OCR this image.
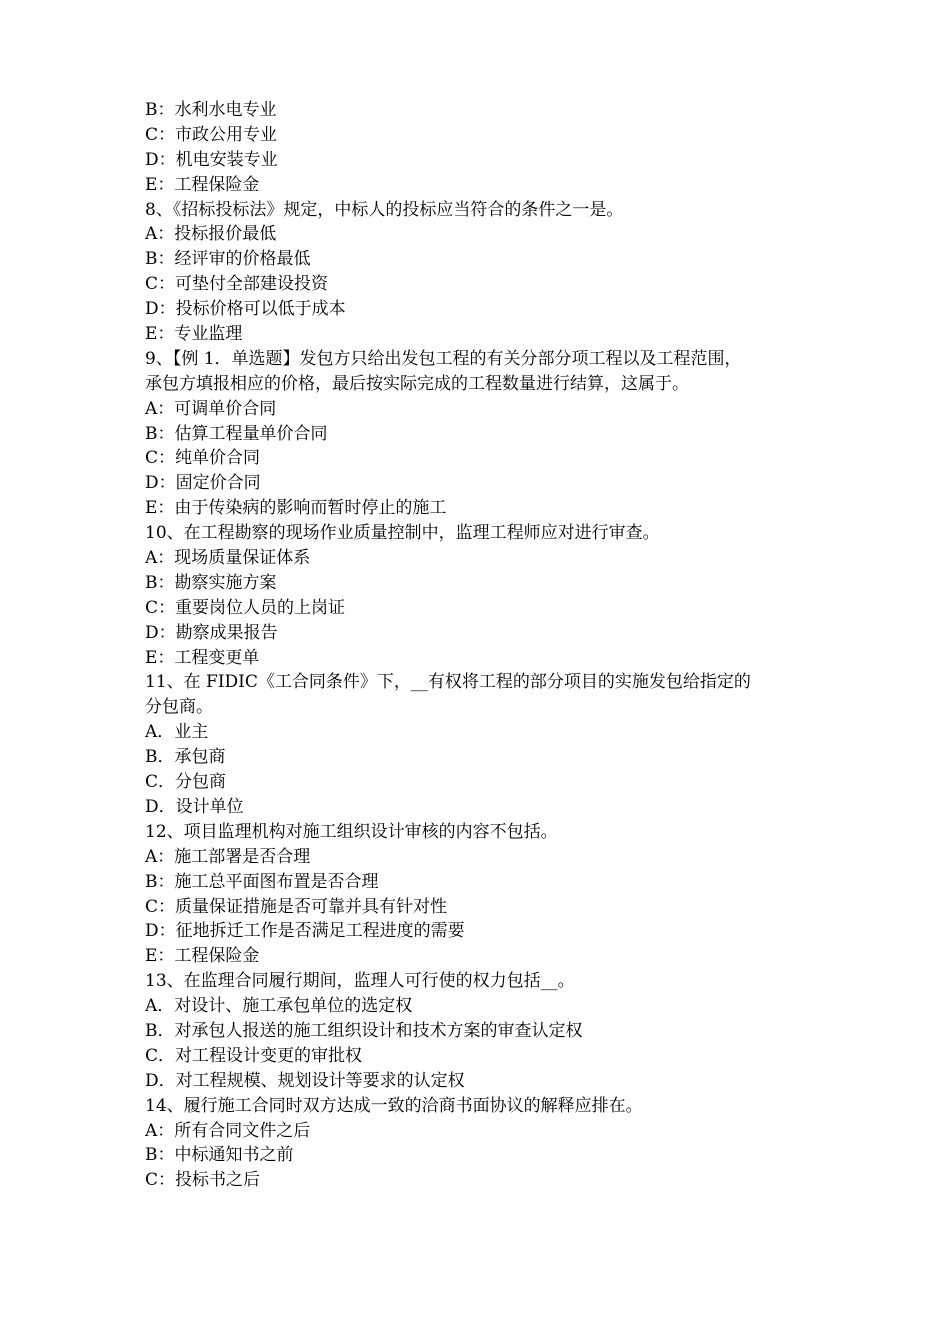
B：水利水电专业
C：市政公用专业
D：机电安装专业
E：工程保险金
8、《招标投标法》规定，中标人的投标应当符合的条件之一是。
A：投标报价最低
B：经评审的价格最低
C：可垫付全部建设投资
D：投标价格可以低于成本
E：专业监理
9、【例 1．单选题】发包方只给出发包工程的有关分部分项工程以及工程范围，
承包方填报相应的价格，最后按实际完成的工程数量进行结算，这属于。
A：可调单价合同
B：估算工程量单价合同
C：纯单价合同
D：固定价合同
E：由于传染病的影响而暂时停止的施工
10、在工程勘察的现场作业质量控制中，监理工程师应对进行审查。
A：现场质量保证体系
B：勘察实施方案
C：重要岗位人员的上岗证
D：勘察成果报告
E：工程变更单
11、在 FIDIC《工合同条件》下，__有权将工程的部分项目的实施发包给指定的
分包商。
A．业主
B．承包商
C．分包商
D．设计单位
12、项目监理机构对施工组织设计审核的内容不包括。
A：施工部署是否合理
B：施工总平面图布置是否合理
C：质量保证措施是否可靠并具有针对性
D：征地拆迁工作是否满足工程进度的需要
E：工程保险金
13、在监理合同履行期间，监理人可行使的权力包括__。
A．对设计、施工承包单位的选定权
B．对承包人报送的施工组织设计和技术方案的审查认定权
C．对工程设计变更的审批权
D．对工程规模、规划设计等要求的认定权
14、履行施工合同时双方达成一致的洽商书面协议的解释应排在。
A：所有合同文件之后
B：中标通知书之前
C：投标书之后
